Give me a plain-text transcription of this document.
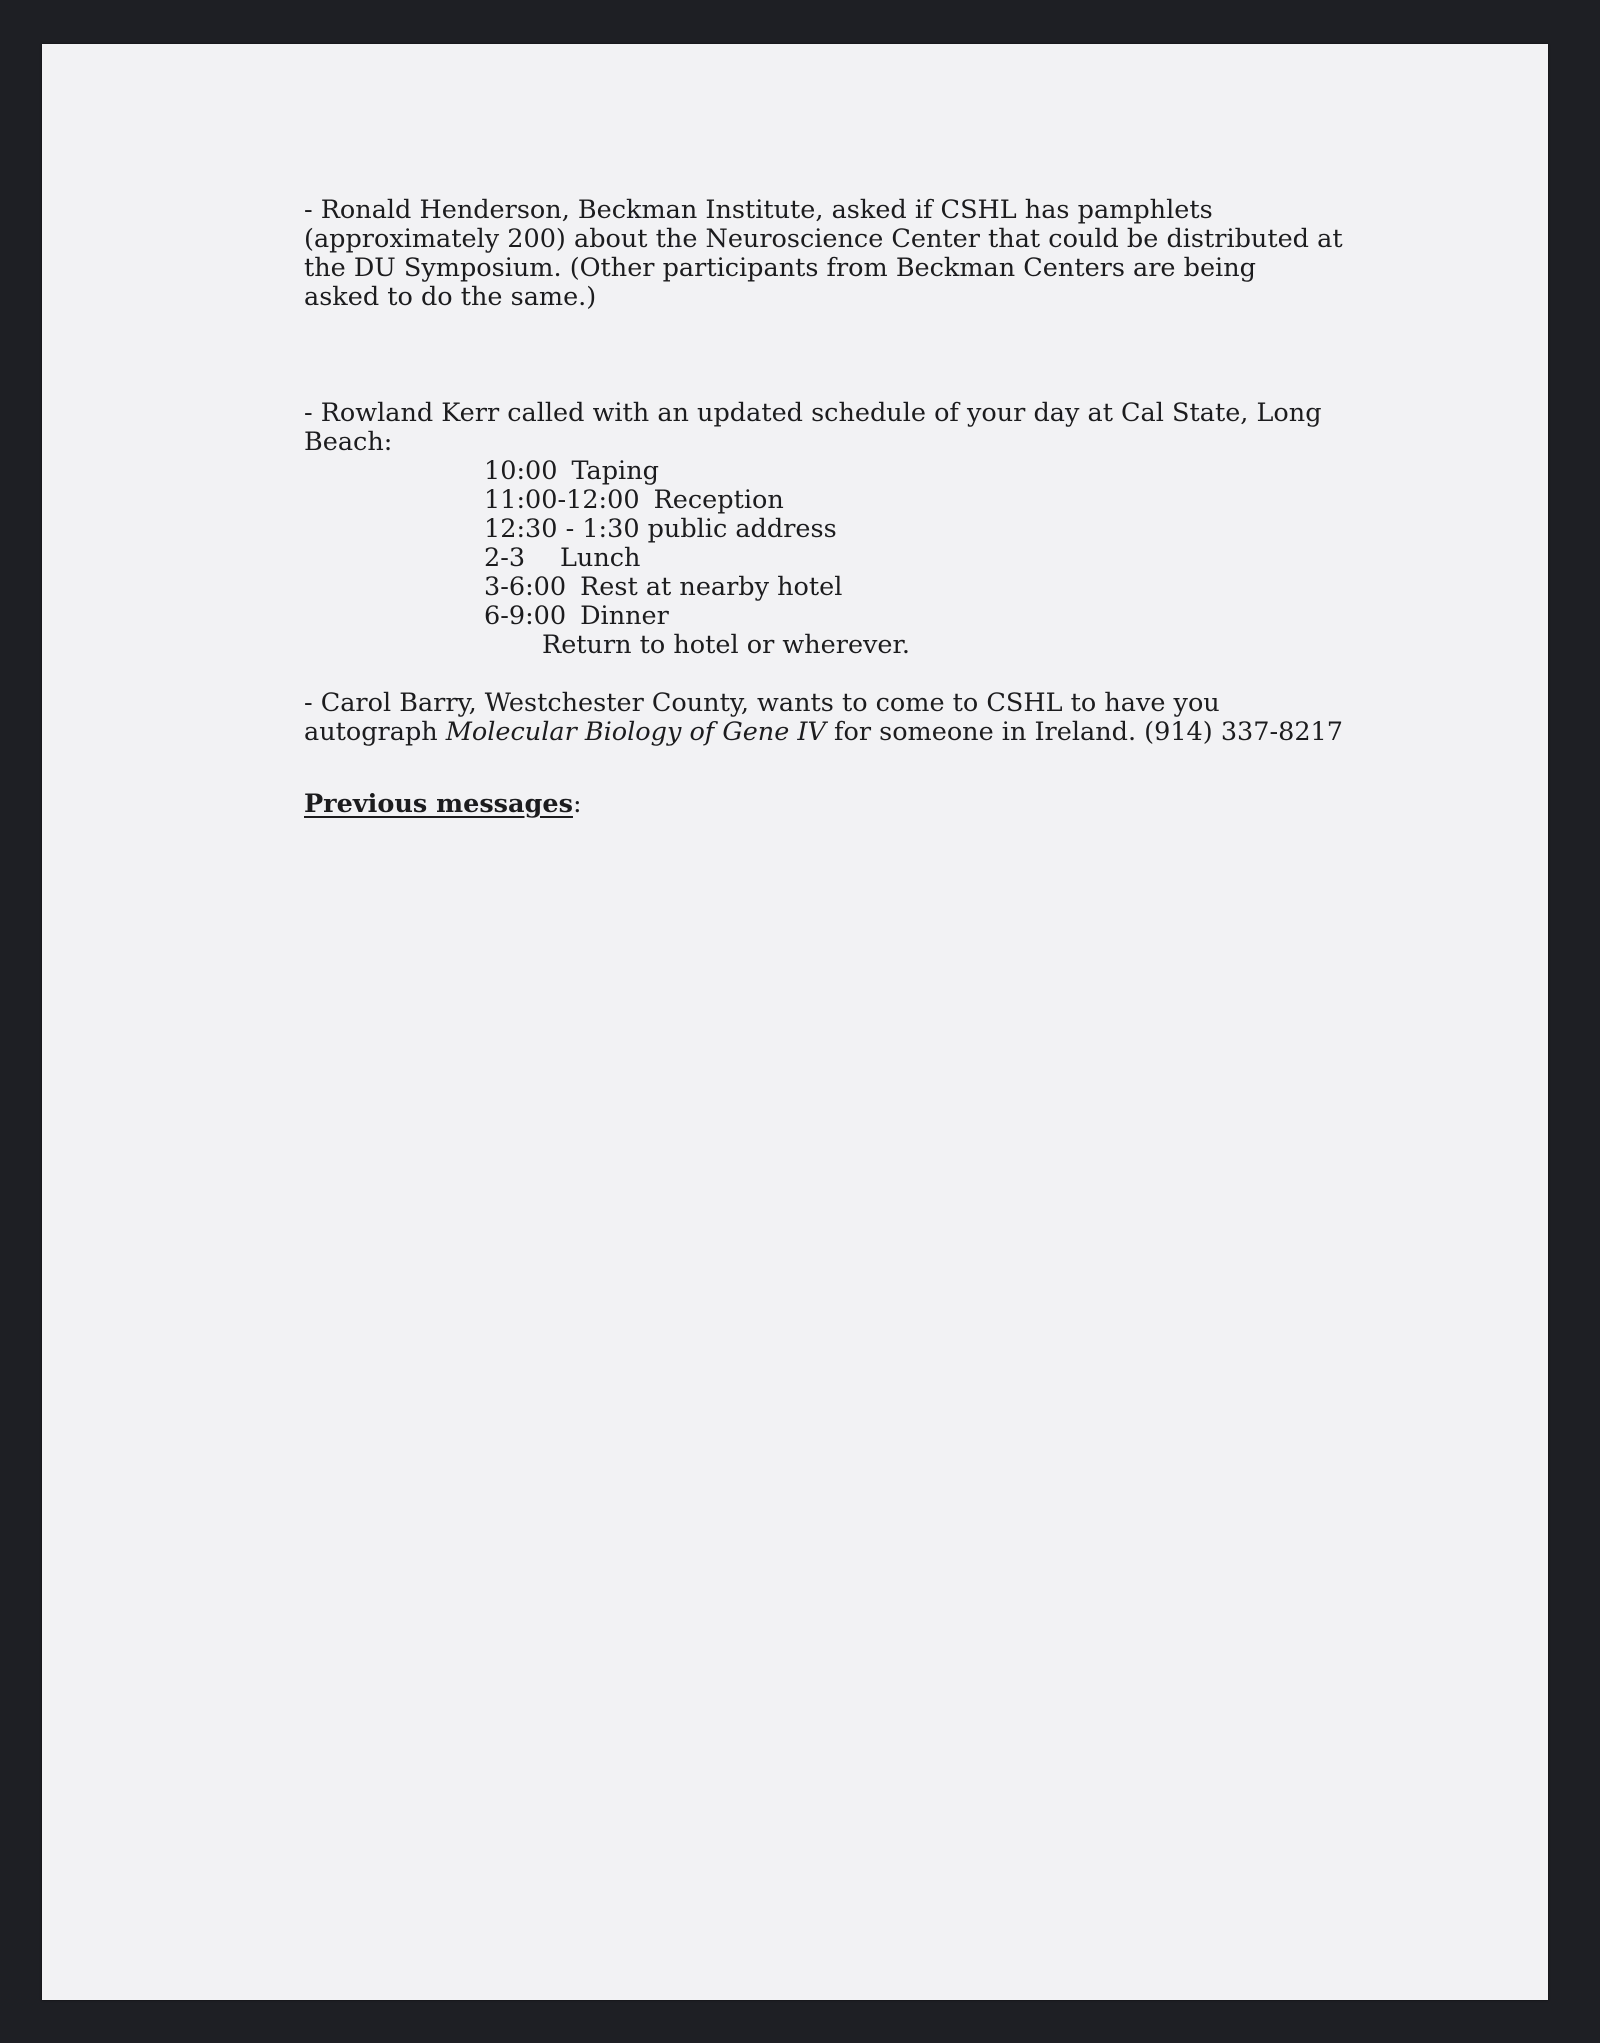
- Ronald Henderson, Beckman Institute, asked if CSHL has pamphlets
(approximately 200) about the Neuroscience Center that could be distributed at
the DU Symposium. (Other participants from Beckman Centers are being
asked to do the same.)

- Rowland Kerr called with an updated schedule of your day at Cal State, Long
Beach:

10:00 Taping
11:00-12:00 Reception
12:30 - 1:30 public address
2-3	Lunch
3-6:00 Rest at nearby hotel
6-9:00 Dinner
Return to hotel or wherever.
- Carol Barry, Westchester County, wants to come to CSHL to have you
autograph Molecular Biology of Gene IV for someone in Ireland. (914) 337-8217
Previous messages:
